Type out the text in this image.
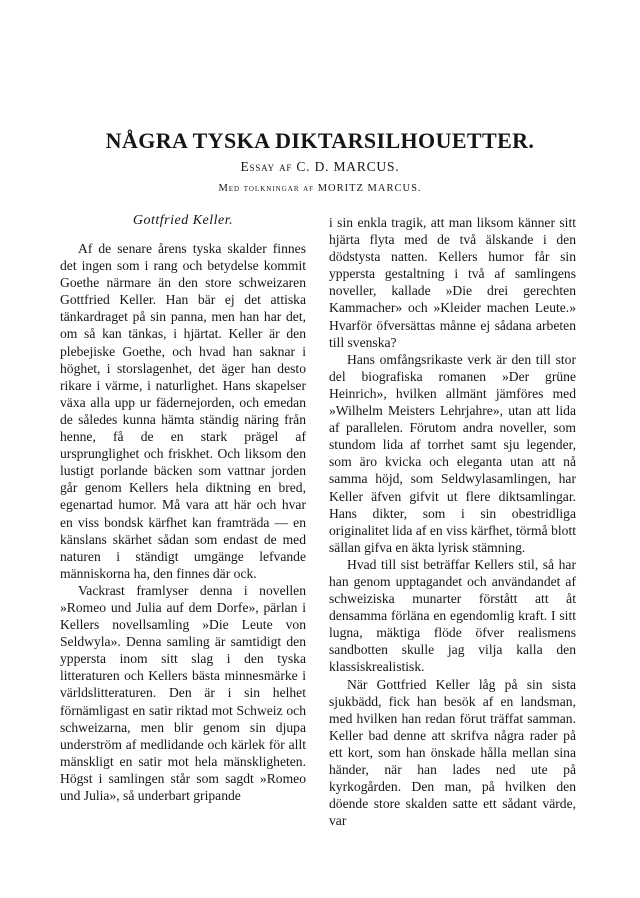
NÅGRA TYSKA DIKTARSILHOUETTER.
Essay af C. D. MARCUS.
Med tolkningar af MORITZ MARCUS.
Gottfried Keller.

Af de senare årens tyska skalder finnes det ingen som i rang och betydelse kommit Goethe närmare än den store schweizaren Gottfried Keller. Han bär ej det attiska tänkardraget på sin panna, men han har det, om så kan tänkas, i hjärtat. Keller är den plebejiske Goethe, och hvad han saknar i höghet, i storslagenhet, det äger han desto rikare i värme, i naturlighet. Hans skapelser växa alla upp ur fädernejorden, och emedan de således kunna hämta ständig näring från henne, få de en stark prägel af ursprunglighet och friskhet. Och liksom den lustigt porlande bäcken som vattnar jorden går genom Kellers hela diktning en bred, egenartad humor. Må vara att här och hvar en viss bondsk kärfhet kan framträda — en känslans skärhet sådan som endast de med naturen i ständigt umgänge lefvande människorna ha, den finnes där ock.

Vackrast framlyser denna i novellen »Romeo und Julia auf dem Dorfe», pärlan i Kellers novellsamling »Die Leute von Seldwyla». Denna samling är samtidigt den yppersta inom sitt slag i den tyska litteraturen och Kellers bästa minnesmärke i världslitteraturen. Den är i sin helhet förnämligast en satir riktad mot Schweiz och schweizarna, men blir genom sin djupa underström af medlidande och kärlek för allt mänskligt en satir mot hela mänskligheten. Högst i samlingen står som sagdt »Romeo und Julia», så underbart gripande

i sin enkla tragik, att man liksom känner sitt hjärta flyta med de två älskande i den dödstysta natten. Kellers humor får sin yppersta gestaltning i två af samlingens noveller, kallade »Die drei gerechten Kammacher» och »Kleider machen Leute.» Hvarför öfversättas månne ej sådana arbeten till svenska?

Hans omfångsrikaste verk är den till stor del biografiska romanen »Der grüne Heinrich», hvilken allmänt jämföres med »Wilhelm Meisters Lehrjahre», utan att lida af parallelen. Förutom andra noveller, som stundom lida af torrhet samt sju legender, som äro kvicka och eleganta utan att nå samma höjd, som Seldwylasamlingen, har Keller äfven gifvit ut flere diktsamlingar. Hans dikter, som i sin obestridliga originalitet lida af en viss kärfhet, törmå blott sällan gifva en äkta lyrisk stämning.

Hvad till sist beträffar Kellers stil, så har han genom upptagandet och användandet af schweiziska munarter förstått att åt densamma förläna en egendomlig kraft. I sitt lugna, mäktiga flöde öfver realismens sandbotten skulle jag vilja kalla den klassiskrealistisk.

När Gottfried Keller låg på sin sista sjukbädd, fick han besök af en landsman, med hvilken han redan förut träffat samman. Keller bad denne att skrifva några rader på ett kort, som han önskade hålla mellan sina händer, när han lades ned ute på kyrkogården. Den man, på hvilken den döende store skalden satte ett sådant värde, var
